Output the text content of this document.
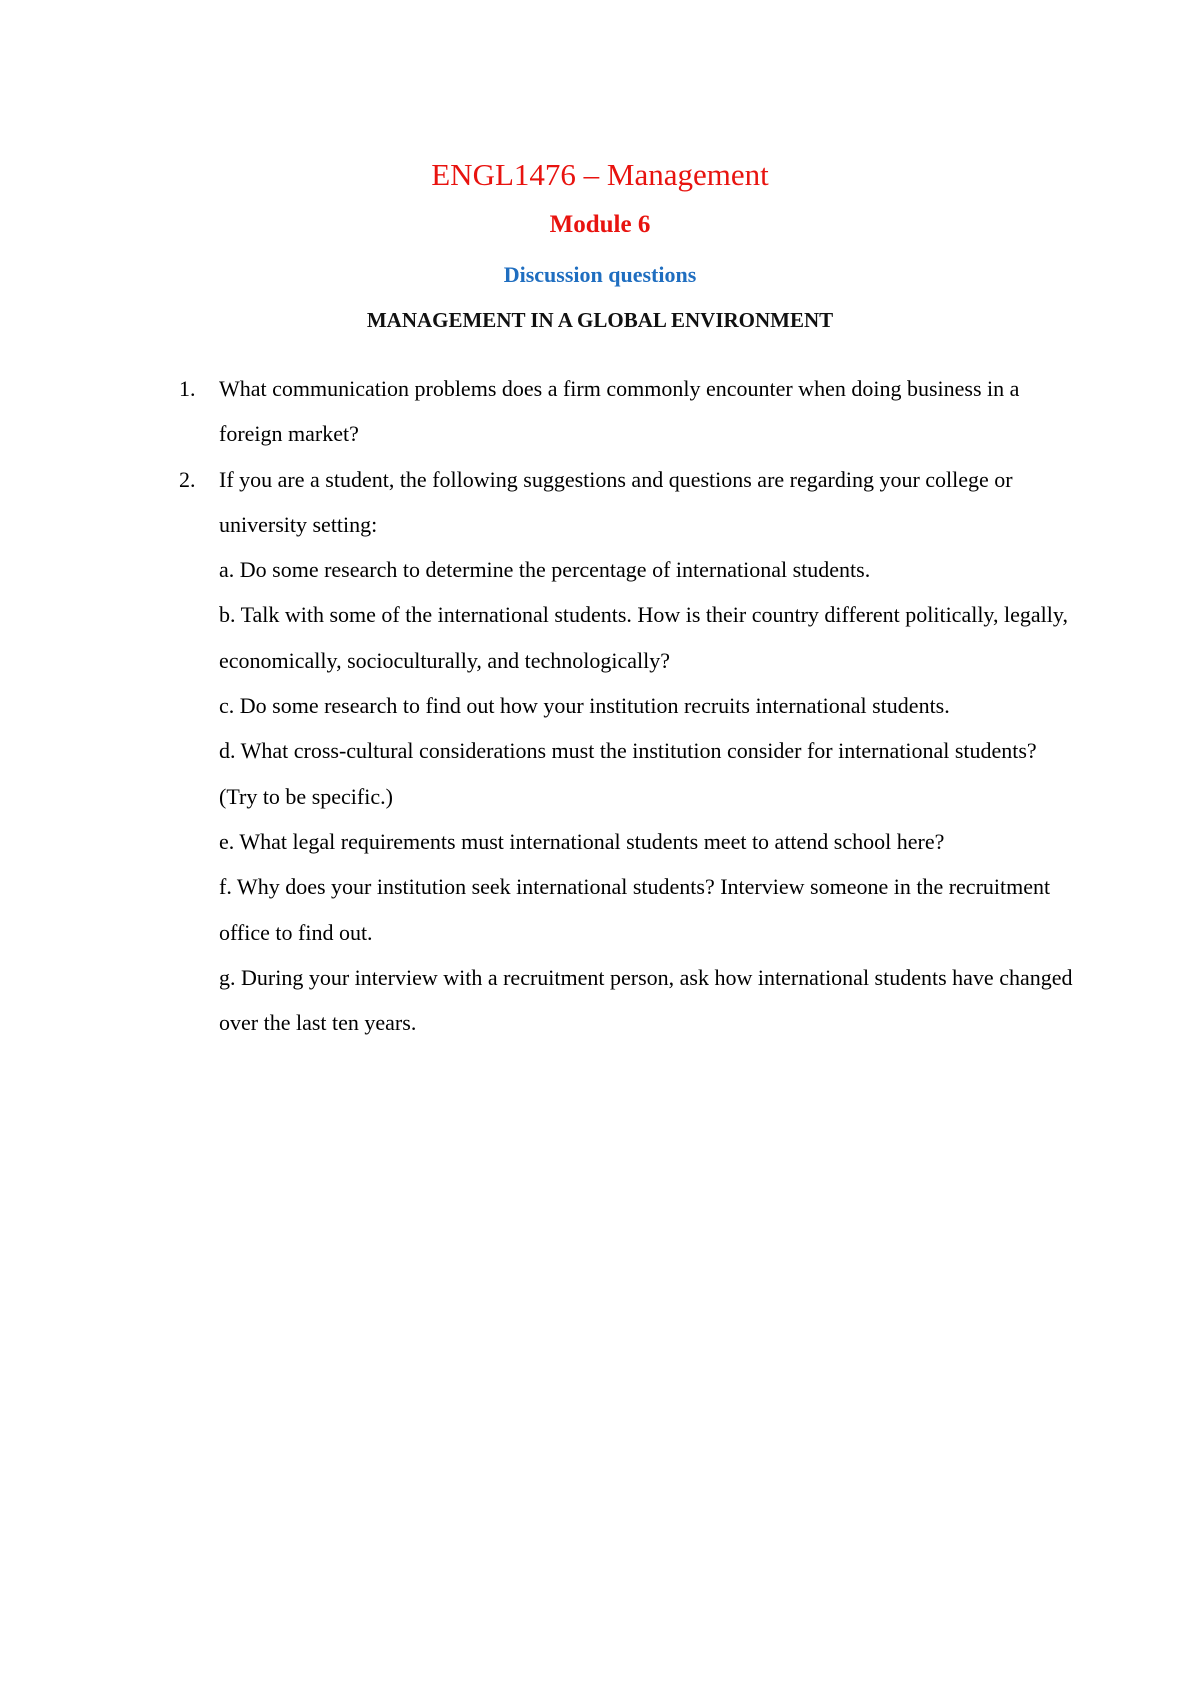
ENGL1476 – Management
Module 6
Discussion questions
MANAGEMENT IN A GLOBAL ENVIRONMENT
1. What communication problems does a firm commonly encounter when doing business in a foreign market?
2. If you are a student, the following suggestions and questions are regarding your college or university setting:
a. Do some research to determine the percentage of international students.
b. Talk with some of the international students. How is their country different politically, legally, economically, socioculturally, and technologically?
c. Do some research to find out how your institution recruits international students.
d. What cross-cultural considerations must the institution consider for international students? (Try to be specific.)
e. What legal requirements must international students meet to attend school here?
f. Why does your institution seek international students? Interview someone in the recruitment office to find out.
g. During your interview with a recruitment person, ask how international students have changed over the last ten years.
